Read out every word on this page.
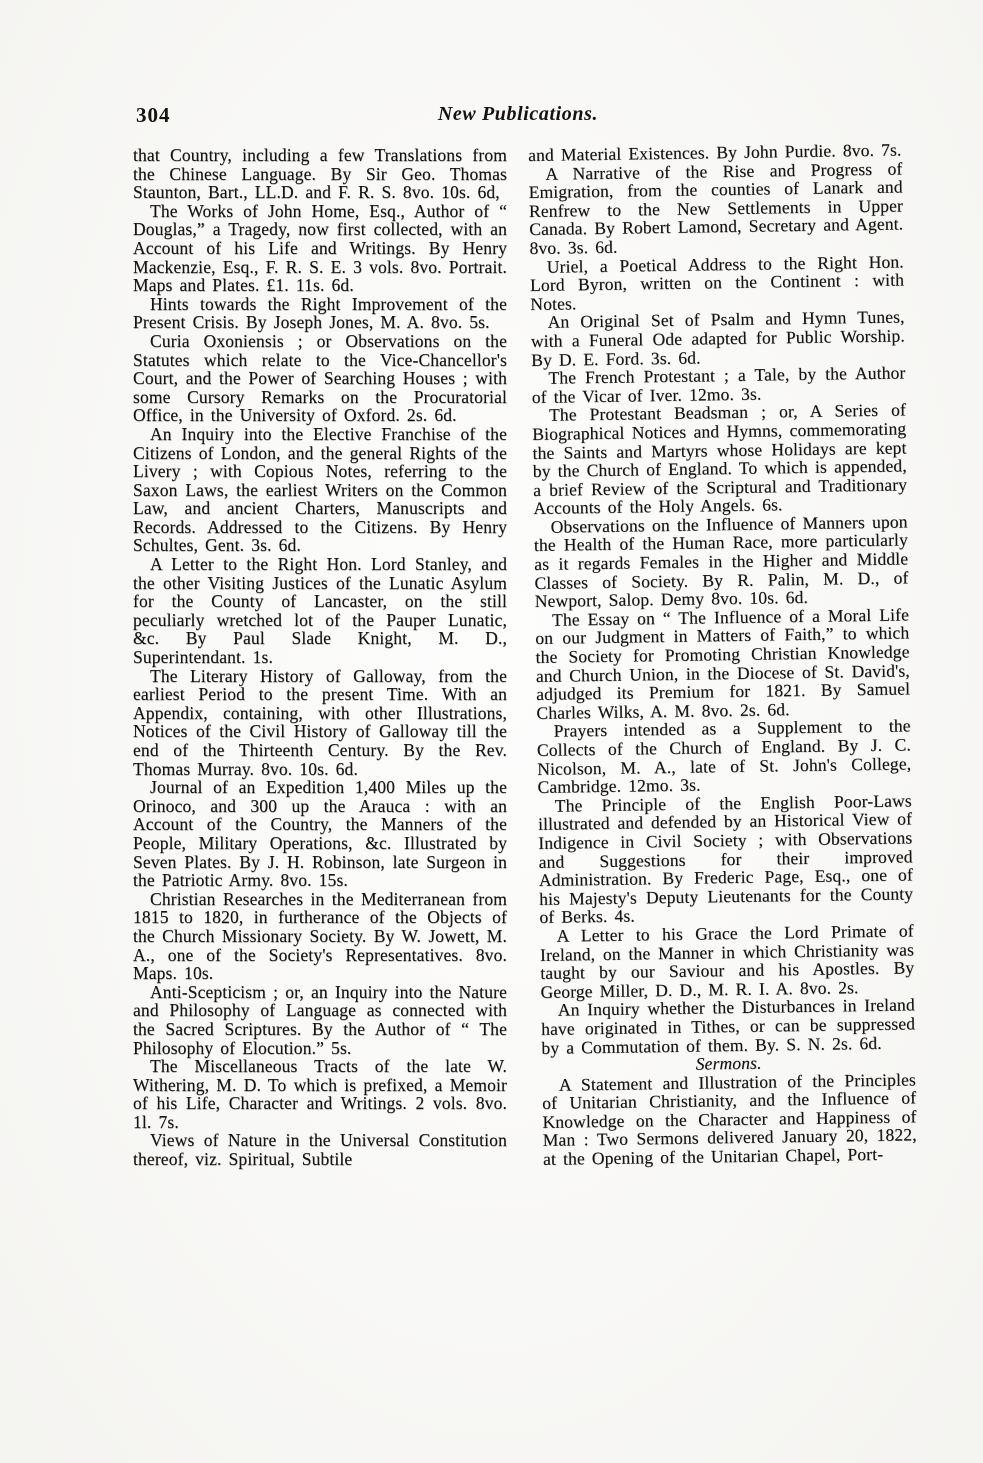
304	New Publications.

that Country, including a few Translations from the Chinese Language. By Sir Geo. Thomas Staunton, Bart., LL.D. and F. R. S. 8vo. 10s. 6d,

The Works of John Home, Esq., Author of “ Douglas,” a Tragedy, now first collected, with an Account of his Life and Writings. By Henry Mackenzie, Esq., F. R. S. E. 3 vols. 8vo. Portrait. Maps and Plates. £1. 11s. 6d.

Hints towards the Right Improvement of the Present Crisis. By Joseph Jones, M. A. 8vo. 5s.

Curia Oxoniensis ; or Observations on the Statutes which relate to the Vice-Chancellor's Court, and the Power of Searching Houses ; with some Cursory Remarks on the Procuratorial Office, in the University of Oxford. 2s. 6d.

An Inquiry into the Elective Franchise of the Citizens of London, and the general Rights of the Livery ; with Copious Notes, referring to the Saxon Laws, the earliest Writers on the Common Law, and ancient Charters, Manuscripts and Records. Addressed to the Citizens. By Henry Schultes, Gent. 3s. 6d.

A Letter to the Right Hon. Lord Stanley, and the other Visiting Justices of the Lunatic Asylum for the County of Lancaster, on the still peculiarly wretched lot of the Pauper Lunatic, &c. By Paul Slade Knight, M. D., Superintendant. 1s.

The Literary History of Galloway, from the earliest Period to the present Time. With an Appendix, containing, with other Illustrations, Notices of the Civil History of Galloway till the end of the Thirteenth Century. By the Rev. Thomas Murray. 8vo. 10s. 6d.

Journal of an Expedition 1,400 Miles up the Orinoco, and 300 up the Arauca : with an Account of the Country, the Manners of the People, Military Operations, &c. Illustrated by Seven Plates. By J. H. Robinson, late Surgeon in the Patriotic Army. 8vo. 15s.

Christian Researches in the Mediterranean from 1815 to 1820, in furtherance of the Objects of the Church Missionary Society. By W. Jowett, M. A., one of the Society's Representatives. 8vo. Maps. 10s.

Anti-Scepticism ; or, an Inquiry into the Nature and Philosophy of Language as connected with the Sacred Scriptures. By the Author of “ The Philosophy of Elocution.” 5s.

The Miscellaneous Tracts of the late W. Withering, M. D. To which is prefixed, a Memoir of his Life, Character and Writings. 2 vols. 8vo. 1l. 7s.

Views of Nature in the Universal Constitution thereof, viz. Spiritual, Subtile

and Material Existences. By John Purdie. 8vo. 7s.

A Narrative of the Rise and Progress of Emigration, from the counties of Lanark and Renfrew to the New Settlements in Upper Canada. By Robert Lamond, Secretary and Agent. 8vo. 3s. 6d.

Uriel, a Poetical Address to the Right Hon. Lord Byron, written on the Continent : with Notes.

An Original Set of Psalm and Hymn Tunes, with a Funeral Ode adapted for Public Worship. By D. E. Ford. 3s. 6d.

The French Protestant ; a Tale, by the Author of the Vicar of Iver. 12mo. 3s.

The Protestant Beadsman ; or, A Series of Biographical Notices and Hymns, commemorating the Saints and Martyrs whose Holidays are kept by the Church of England. To which is appended, a brief Review of the Scriptural and Traditionary Accounts of the Holy Angels. 6s.

Observations on the Influence of Manners upon the Health of the Human Race, more particularly as it regards Females in the Higher and Middle Classes of Society. By R. Palin, M. D., of Newport, Salop. Demy 8vo. 10s. 6d.

The Essay on “ The Influence of a Moral Life on our Judgment in Matters of Faith,” to which the Society for Promoting Christian Knowledge and Church Union, in the Diocese of St. David's, adjudged its Premium for 1821. By Samuel Charles Wilks, A. M. 8vo. 2s. 6d.

Prayers intended as a Supplement to the Collects of the Church of England. By J. C. Nicolson, M. A., late of St. John's College, Cambridge. 12mo. 3s.

The Principle of the English Poor-Laws illustrated and defended by an Historical View of Indigence in Civil Society ; with Observations and Suggestions for their improved Administration. By Frederic Page, Esq., one of his Majesty's Deputy Lieutenants for the County of Berks. 4s.

A Letter to his Grace the Lord Primate of Ireland, on the Manner in which Christianity was taught by our Saviour and his Apostles. By George Miller, D. D., M. R. I. A. 8vo. 2s.

An Inquiry whether the Disturbances in Ireland have originated in Tithes, or can be suppressed by a Commutation of them. By. S. N. 2s. 6d.

Sermons.

A Statement and Illustration of the Principles of Unitarian Christianity, and the Influence of Knowledge on the Character and Happiness of Man : Two Sermons delivered January 20, 1822, at the Opening of the Unitarian Chapel, Port-
